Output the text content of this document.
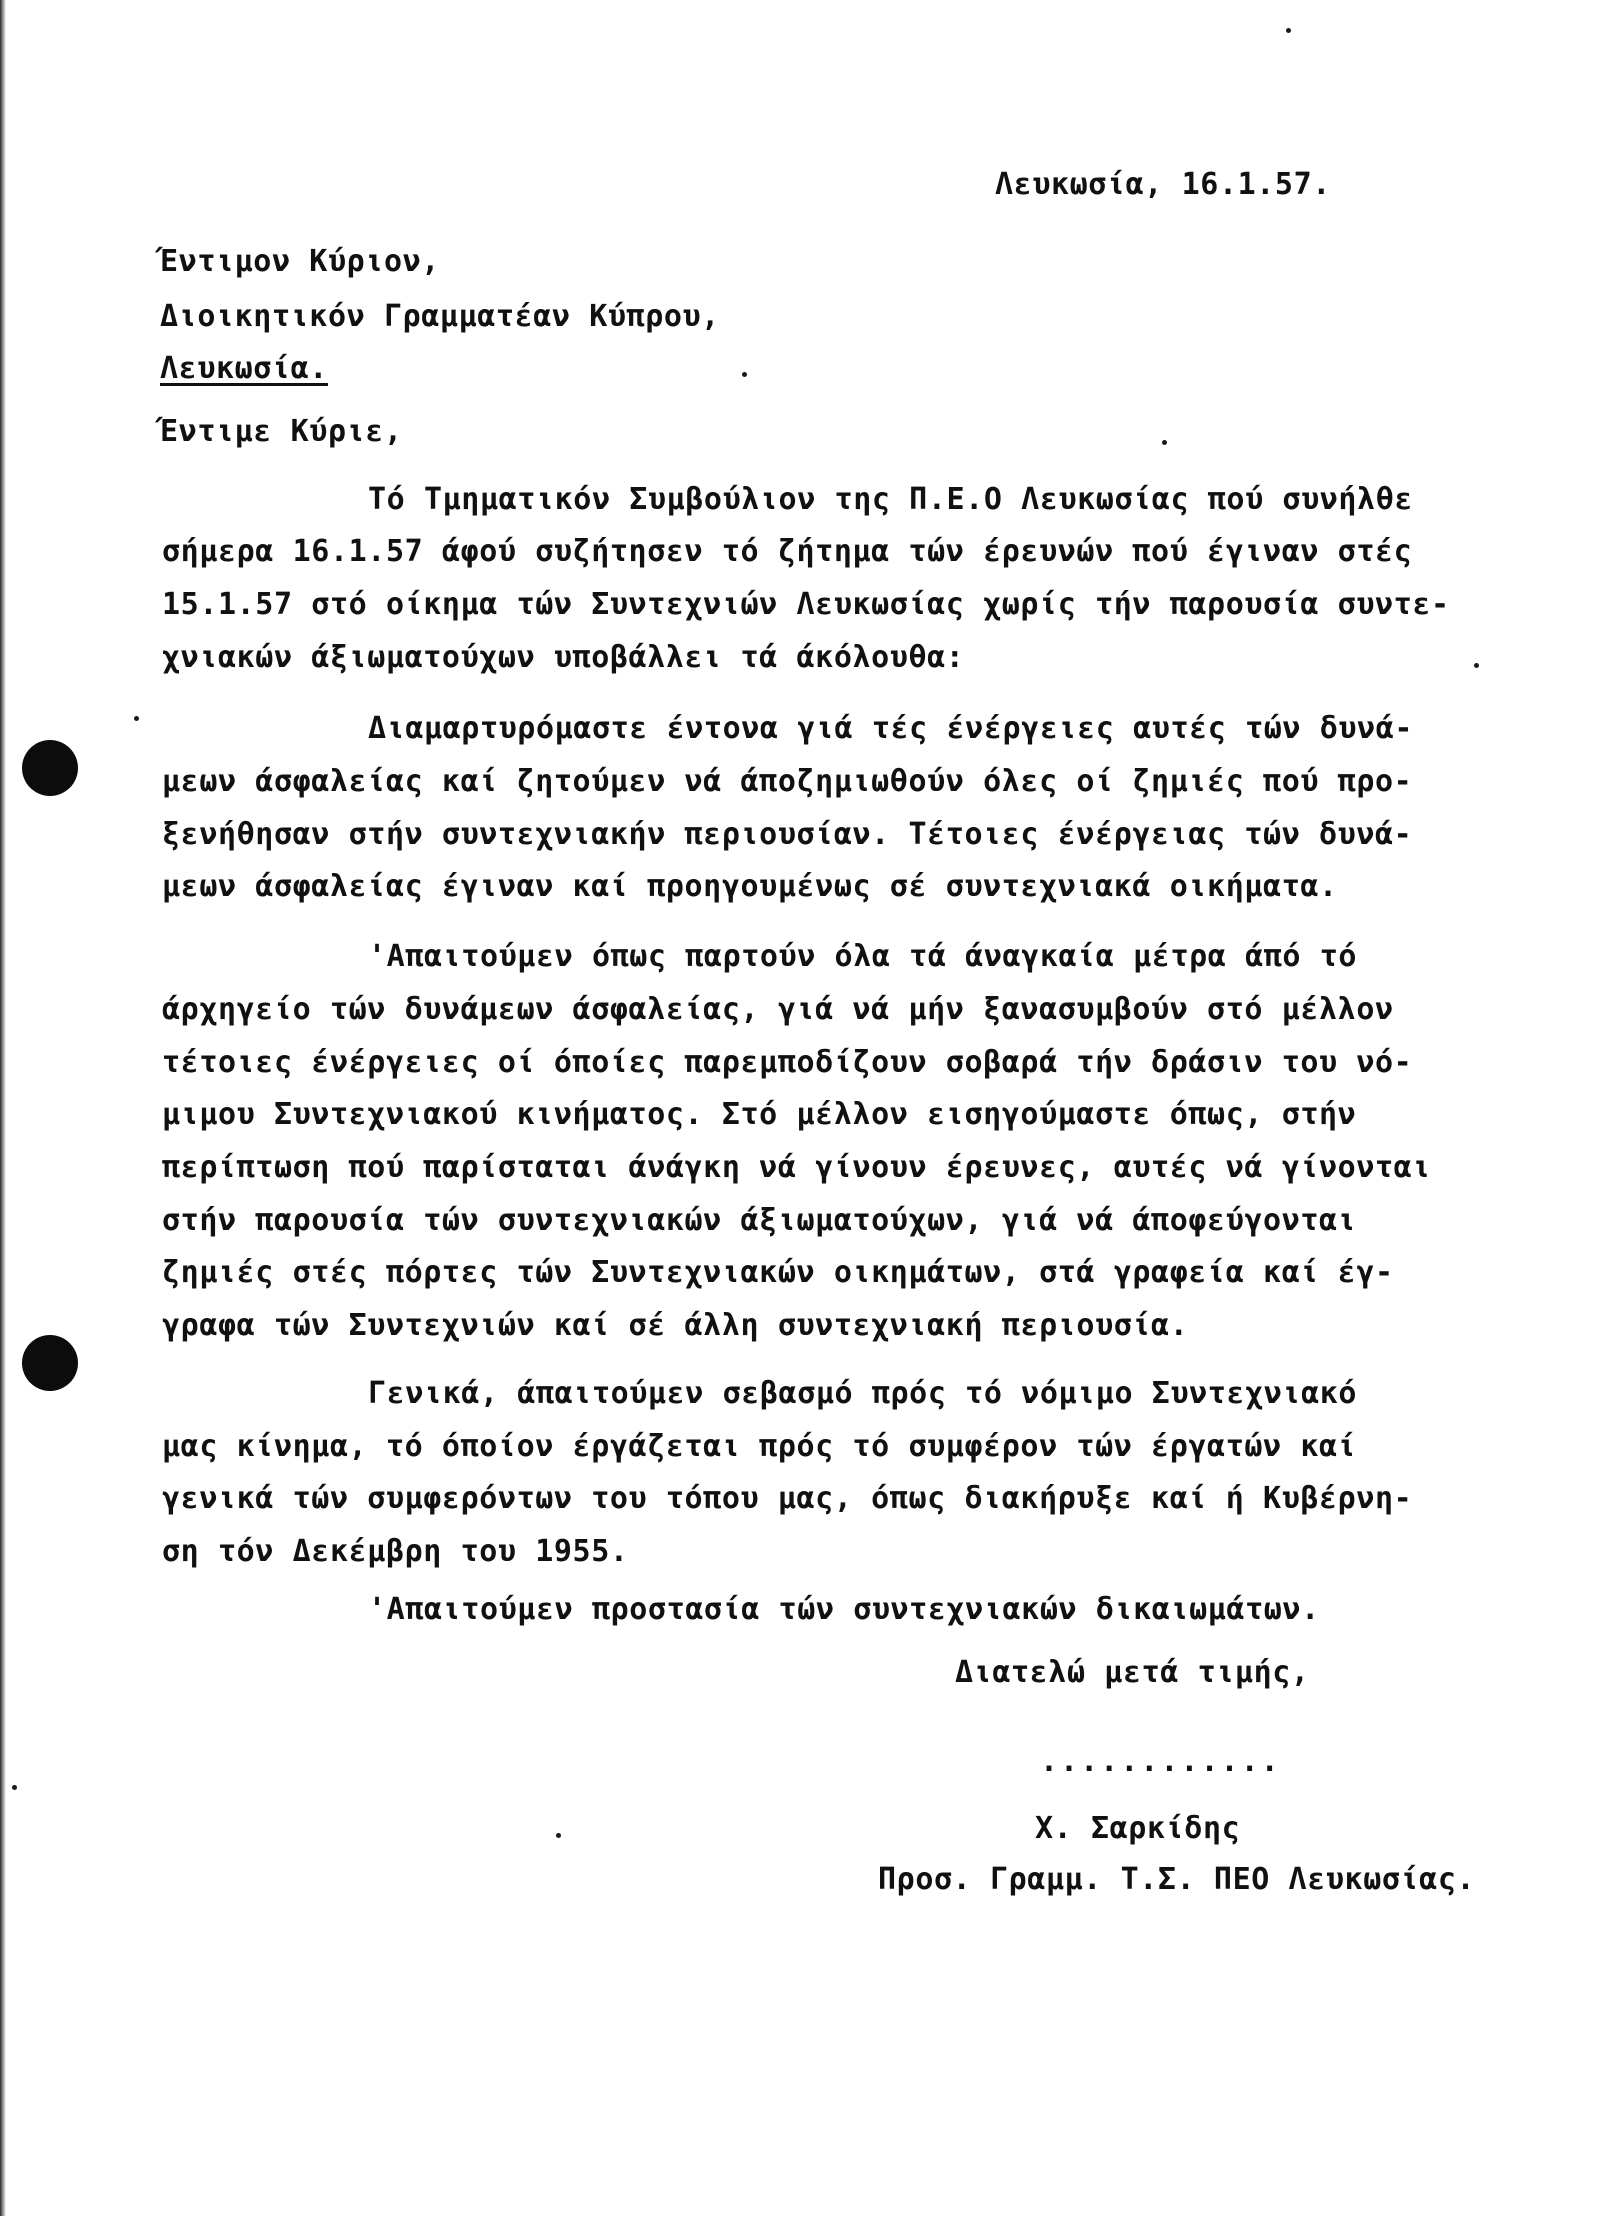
Λευκωσία, 16.1.57.
Έντιμον Κύριον,
Διοικητικόν Γραμματέαν Κύπρου,
Λευκωσία.
Έντιμε Κύριε,
Τό Τμηματικόν Συμβούλιον της Π.Ε.Ο Λευκωσίας πού συνήλθε
σήμερα 16.1.57 άφού συζήτησεν τό ζήτημα τών έρευνών πού έγιναν στές
15.1.57 στό οίκημα τών Συντεχνιών Λευκωσίας χωρίς τήν παρουσία συντε-
χνιακών άξιωματούχων υποβάλλει τά άκόλουθα:
Διαμαρτυρόμαστε έντονα γιά τές ένέργειες αυτές τών δυνά-
μεων άσφαλείας καί ζητούμεν νά άποζημιωθούν όλες οί ζημιές πού προ-
ξενήθησαν στήν συντεχνιακήν περιουσίαν. Τέτοιες ένέργειας τών δυνά-
μεων άσφαλείας έγιναν καί προηγουμένως σέ συντεχνιακά οικήματα.
'Απαιτούμεν όπως παρτούν όλα τά άναγκαία μέτρα άπό τό
άρχηγείο τών δυνάμεων άσφαλείας, γιά νά μήν ξανασυμβούν στό μέλλον
τέτοιες ένέργειες οί όποίες παρεμποδίζουν σοβαρά τήν δράσιν του νό-
μιμου Συντεχνιακού κινήματος. Στό μέλλον εισηγούμαστε όπως, στήν
περίπτωση πού παρίσταται άνάγκη νά γίνουν έρευνες, αυτές νά γίνονται
στήν παρουσία τών συντεχνιακών άξιωματούχων, γιά νά άποφεύγονται
ζημιές στές πόρτες τών Συντεχνιακών οικημάτων, στά γραφεία καί έγ-
γραφα τών Συντεχνιών καί σέ άλλη συντεχνιακή περιουσία.
Γενικά, άπαιτούμεν σεβασμό πρός τό νόμιμο Συντεχνιακό
μας κίνημα, τό όποίον έργάζεται πρός τό συμφέρον τών έργατών καί
γενικά τών συμφερόντων του τόπου μας, όπως διακήρυξε καί ή Κυβέρνη-
ση τόν Δεκέμβρη του 1955.
'Απαιτούμεν προστασία τών συντεχνιακών δικαιωμάτων.
Διατελώ μετά τιμής,
............
Χ. Σαρκίδης
Προσ. Γραμμ. Τ.Σ. ΠΕΟ Λευκωσίας.
